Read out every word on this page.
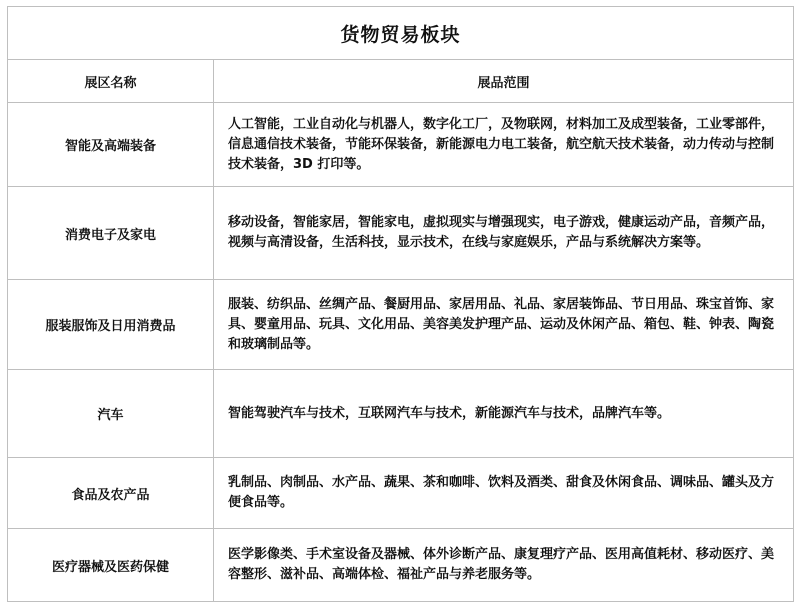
货物贸易板块	
展区名称	展品范围
智能及高端装备	人工智能，工业自动化与机器人，数字化工厂，及物联网，材料加工及成型装备，工业零部件，信息通信技术装备，节能环保装备，新能源电力电工装备，航空航天技术装备，动力传动与控制技术装备，3D 打印等。
消费电子及家电	移动设备，智能家居，智能家电，虚拟现实与增强现实，电子游戏，健康运动产品，音频产品，视频与高清设备，生活科技，显示技术，在线与家庭娱乐，产品与系统解决方案等。
服装服饰及日用消费品	服装、纺织品、丝绸产品、餐厨用品、家居用品、礼品、家居装饰品、节日用品、珠宝首饰、家具、婴童用品、玩具、文化用品、美容美发护理产品、运动及休闲产品、箱包、鞋、钟表、陶瓷和玻璃制品等。
汽车	智能驾驶汽车与技术，互联网汽车与技术，新能源汽车与技术，品牌汽车等。
食品及农产品	乳制品、肉制品、水产品、蔬果、茶和咖啡、饮料及酒类、甜食及休闲食品、调味品、罐头及方便食品等。
医疗器械及医药保健	医学影像类、手术室设备及器械、体外诊断产品、康复理疗产品、医用高值耗材、移动医疗、美容整形、滋补品、高端体检、福祉产品与养老服务等。
